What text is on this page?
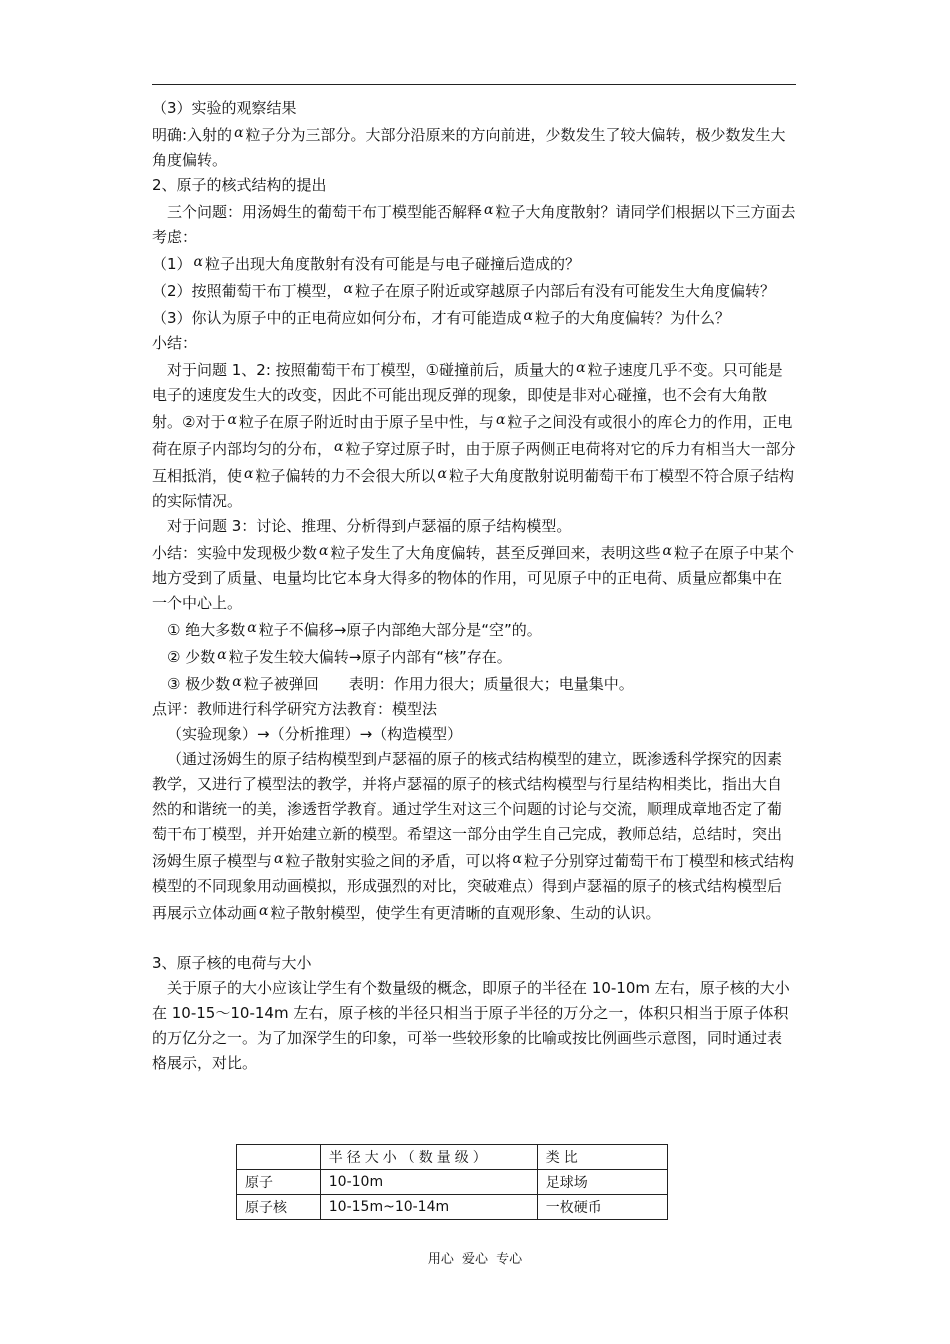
（3）实验的观察结果

明确:入射的 α 粒子分为三部分。大部分沿原来的方向前进，少数发生了较大偏转，极少数发生大角度偏转。

2、原子的核式结构的提出

三个问题：用汤姆生的葡萄干布丁模型能否解释 α 粒子大角度散射？请同学们根据以下三方面去考虑：

（1） α 粒子出现大角度散射有没有可能是与电子碰撞后造成的？

（2）按照葡萄干布丁模型， α 粒子在原子附近或穿越原子内部后有没有可能发生大角度偏转？

（3）你认为原子中的正电荷应如何分布，才有可能造成 α 粒子的大角度偏转？为什么？

小结：

对于问题 1、2: 按照葡萄干布丁模型，①碰撞前后，质量大的 α 粒子速度几乎不变。只可能是电子的速度发生大的改变，因此不可能出现反弹的现象，即使是非对心碰撞，也不会有大角散射。②对于 α 粒子在原子附近时由于原子呈中性，与 α 粒子之间没有或很小的库仑力的作用，正电荷在原子内部均匀的分布， α 粒子穿过原子时，由于原子两侧正电荷将对它的斥力有相当大一部分互相抵消，使 α 粒子偏转的力不会很大所以 α 粒子大角度散射说明葡萄干布丁模型不符合原子结构的实际情况。

对于问题 3：讨论、推理、分析得到卢瑟福的原子结构模型。

小结：实验中发现极少数 α 粒子发生了大角度偏转，甚至反弹回来，表明这些 α 粒子在原子中某个地方受到了质量、电量均比它本身大得多的物体的作用，可见原子中的正电荷、质量应都集中在一个中心上。

① 绝大多数 α 粒子不偏移→原子内部绝大部分是“空”的。

② 少数 α 粒子发生较大偏转→原子内部有“核”存在。

③ 极少数 α 粒子被弹回　　表明：作用力很大；质量很大；电量集中。

点评：教师进行科学研究方法教育：模型法

（实验现象）→（分析推理）→（构造模型）

（通过汤姆生的原子结构模型到卢瑟福的原子的核式结构模型的建立，既渗透科学探究的因素教学，又进行了模型法的教学，并将卢瑟福的原子的核式结构模型与行星结构相类比，指出大自然的和谐统一的美，渗透哲学教育。通过学生对这三个问题的讨论与交流，顺理成章地否定了葡萄干布丁模型，并开始建立新的模型。希望这一部分由学生自己完成，教师总结，总结时，突出汤姆生原子模型与 α 粒子散射实验之间的矛盾，可以将 α 粒子分别穿过葡萄干布丁模型和核式结构模型的不同现象用动画模拟，形成强烈的对比，突破难点）得到卢瑟福的原子的核式结构模型后再展示立体动画 α 粒子散射模型，使学生有更清晰的直观形象、生动的认识。

3、原子核的电荷与大小

关于原子的大小应该让学生有个数量级的概念，即原子的半径在 10-10m 左右，原子核的大小在 10-15～10-14m 左右，原子核的半径只相当于原子半径的万分之一，体积只相当于原子体积的万亿分之一。为了加深学生的印象，可举一些较形象的比喻或按比例画些示意图，同时通过表格展示，对比。

	半径大小（数量级）	类比
原子	10-10m	足球场
原子核	10-15m~10-14m	一枚硬币
用心 爱心 专心
